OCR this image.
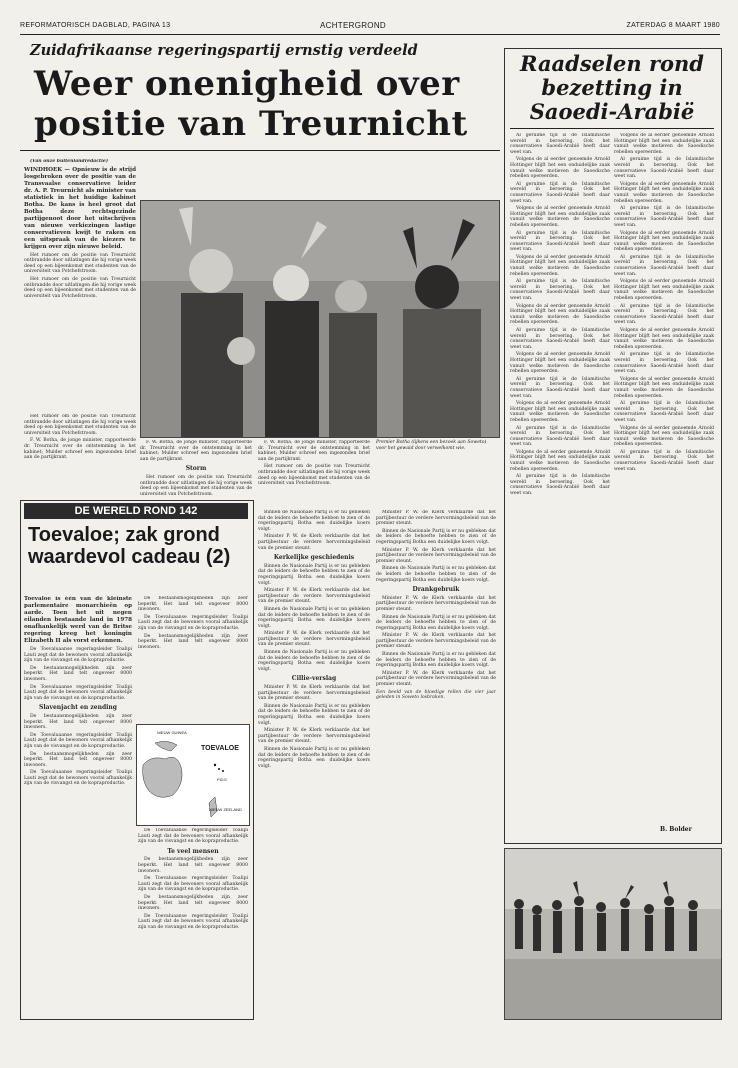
REFORMATORISCH DAGBLAD, PAGINA 13	ACHTERGROND	ZATERDAG 8 MAART 1980
Zuidafrikaanse regeringspartij ernstig verdeeld
Weer onenigheid over positie van Treurnicht

(Van onze buitenlandredactie)

WINDHOEK — Opnieuw is de strijd losgebroken over de positie van de Transvaalse conservatieve leider dr. A. P. Treurnicht als minister van statistiek in het huidige kabinet Botha. De kans is heel groot dat Botha deze rechtsgezinde partijgenoot door het uitschrijven van nieuwe verkiezingen lastige conservatieven kwijt te raken en een uitspraak van de kiezers te krijgen over zijn nieuwe beleid.

Het rumoer om de positie van Treurnicht ontbrandde door uitlatingen die hij vorige week deed op een bijeenkomst met studenten van de universiteit van Potchefstroom.

Het rumoer om de positie van Treurnicht ontbrandde door uitlatingen die hij vorige week deed op een bijeenkomst met studenten van de universiteit van Potchefstroom.

Het rumoer om de positie van Treurnicht ontbrandde door uitlatingen die hij vorige week deed op een bijeenkomst met studenten van de universiteit van Potchefstroom.

F. W. Botha, de jonge minister, rapporteerde dr. Treurnicht over de ontstemming in het kabinet; Mulder schreef een ingezonden brief aan de partijkrant.

F. W. Botha, de jonge minister, rapporteerde dr. Treurnicht over de ontstemming in het kabinet; Mulder schreef een ingezonden brief aan de partijkrant.

Storm

Het rumoer om de positie van Treurnicht ontbrandde door uitlatingen die hij vorige week deed op een bijeenkomst met studenten van de universiteit van Potchefstroom.

F. W. Botha, de jonge minister, rapporteerde dr. Treurnicht over de ontstemming in het kabinet; Mulder schreef een ingezonden brief aan de partijkrant.

Het rumoer om de positie van Treurnicht ontbrandde door uitlatingen die hij vorige week deed op een bijeenkomst met studenten van de universiteit van Potchefstroom.

Premier Botha (lijkens een bezoek aan Soweto) voor het gewaid door verwelkomt wie.
DE WERELD ROND 142
Toevaloe; zak grond waardevol cadeau (2)

Toevaloe is één van de kleinste parlementaire monarchieën op aarde. Toen het uit negen eilanden bestaande land in 1978 onafhankelijk werd van de Britse regering kreeg het koningin Elizabeth II als vorst erkennen.

De Toevaluaanse regeringsleider Toalipi Lauti zegt dat de bewoners vooral afhankelijk zijn van de visvangst en de kopraproductie.

De bestaansmogelijkheden zijn zeer beperkt. Het land telt ongeveer 8000 inwoners.

De Toevaluaanse regeringsleider Toalipi Lauti zegt dat de bewoners vooral afhankelijk zijn van de visvangst en de kopraproductie.

Slavenjacht en zending

De bestaansmogelijkheden zijn zeer beperkt. Het land telt ongeveer 8000 inwoners.

De Toevaluaanse regeringsleider Toalipi Lauti zegt dat de bewoners vooral afhankelijk zijn van de visvangst en de kopraproductie.

De bestaansmogelijkheden zijn zeer beperkt. Het land telt ongeveer 8000 inwoners.

De Toevaluaanse regeringsleider Toalipi Lauti zegt dat de bewoners vooral afhankelijk zijn van de visvangst en de kopraproductie.

De bestaansmogelijkheden zijn zeer beperkt. Het land telt ongeveer 8000 inwoners.

De Toevaluaanse regeringsleider Toalipi Lauti zegt dat de bewoners vooral afhankelijk zijn van de visvangst en de kopraproductie.

De bestaansmogelijkheden zijn zeer beperkt. Het land telt ongeveer 8000 inwoners.

TOEVALOE
NIEUW GUINEA
FIDJI
NIEUW ZEELAND

De Toevaluaanse regeringsleider Toalipi Lauti zegt dat de bewoners vooral afhankelijk zijn van de visvangst en de kopraproductie.

Te veel mensen

De bestaansmogelijkheden zijn zeer beperkt. Het land telt ongeveer 8000 inwoners.

De Toevaluaanse regeringsleider Toalipi Lauti zegt dat de bewoners vooral afhankelijk zijn van de visvangst en de kopraproductie.

De bestaansmogelijkheden zijn zeer beperkt. Het land telt ongeveer 8000 inwoners.

De Toevaluaanse regeringsleider Toalipi Lauti zegt dat de bewoners vooral afhankelijk zijn van de visvangst en de kopraproductie.

Binnen de Nasionale Partij is er nu gebleken dat de leiders de behoefte hebben te zien of de regeringspartij Botha een duidelijke koers volgt.

Minister P. W. de Klerk verklaarde dat het partijbestuur de verdere hervormingsbeleid van de premier steunt.

Kerkelijke geschiedenis

Binnen de Nasionale Partij is er nu gebleken dat de leiders de behoefte hebben te zien of de regeringspartij Botha een duidelijke koers volgt.

Minister P. W. de Klerk verklaarde dat het partijbestuur de verdere hervormingsbeleid van de premier steunt.

Binnen de Nasionale Partij is er nu gebleken dat de leiders de behoefte hebben te zien of de regeringspartij Botha een duidelijke koers volgt.

Minister P. W. de Klerk verklaarde dat het partijbestuur de verdere hervormingsbeleid van de premier steunt.

Binnen de Nasionale Partij is er nu gebleken dat de leiders de behoefte hebben te zien of de regeringspartij Botha een duidelijke koers volgt.

Cillie-verslag

Minister P. W. de Klerk verklaarde dat het partijbestuur de verdere hervormingsbeleid van de premier steunt.

Binnen de Nasionale Partij is er nu gebleken dat de leiders de behoefte hebben te zien of de regeringspartij Botha een duidelijke koers volgt.

Minister P. W. de Klerk verklaarde dat het partijbestuur de verdere hervormingsbeleid van de premier steunt.

Binnen de Nasionale Partij is er nu gebleken dat de leiders de behoefte hebben te zien of de regeringspartij Botha een duidelijke koers volgt.

Minister P. W. de Klerk verklaarde dat het partijbestuur de verdere hervormingsbeleid van de premier steunt.

Binnen de Nasionale Partij is er nu gebleken dat de leiders de behoefte hebben te zien of de regeringspartij Botha een duidelijke koers volgt.

Minister P. W. de Klerk verklaarde dat het partijbestuur de verdere hervormingsbeleid van de premier steunt.

Binnen de Nasionale Partij is er nu gebleken dat de leiders de behoefte hebben te zien of de regeringspartij Botha een duidelijke koers volgt.

Drankgebruik

Minister P. W. de Klerk verklaarde dat het partijbestuur de verdere hervormingsbeleid van de premier steunt.

Binnen de Nasionale Partij is er nu gebleken dat de leiders de behoefte hebben te zien of de regeringspartij Botha een duidelijke koers volgt.

Minister P. W. de Klerk verklaarde dat het partijbestuur de verdere hervormingsbeleid van de premier steunt.

Binnen de Nasionale Partij is er nu gebleken dat de leiders de behoefte hebben te zien of de regeringspartij Botha een duidelijke koers volgt.

Minister P. W. de Klerk verklaarde dat het partijbestuur de verdere hervormingsbeleid van de premier steunt.

Een beeld van de bloedige rellen die vier jaar geleden in Soweto losbraken.

Raadselen rond bezetting in Saoedi-Arabië

Al geruime tijd is de Islamitische wereld in beroering. Ook het conservatieve Saoedi-Arabië heeft daar weet van.

Volgens de al eerder genoemde Arnold Hottinger blijft het een onduidelijke zaak vanuit welke motieven de Saoedische rebellen opereerden.

Al geruime tijd is de Islamitische wereld in beroering. Ook het conservatieve Saoedi-Arabië heeft daar weet van.

Volgens de al eerder genoemde Arnold Hottinger blijft het een onduidelijke zaak vanuit welke motieven de Saoedische rebellen opereerden.

Al geruime tijd is de Islamitische wereld in beroering. Ook het conservatieve Saoedi-Arabië heeft daar weet van.

Volgens de al eerder genoemde Arnold Hottinger blijft het een onduidelijke zaak vanuit welke motieven de Saoedische rebellen opereerden.

Al geruime tijd is de Islamitische wereld in beroering. Ook het conservatieve Saoedi-Arabië heeft daar weet van.

Volgens de al eerder genoemde Arnold Hottinger blijft het een onduidelijke zaak vanuit welke motieven de Saoedische rebellen opereerden.

Al geruime tijd is de Islamitische wereld in beroering. Ook het conservatieve Saoedi-Arabië heeft daar weet van.

Volgens de al eerder genoemde Arnold Hottinger blijft het een onduidelijke zaak vanuit welke motieven de Saoedische rebellen opereerden.

Al geruime tijd is de Islamitische wereld in beroering. Ook het conservatieve Saoedi-Arabië heeft daar weet van.

Volgens de al eerder genoemde Arnold Hottinger blijft het een onduidelijke zaak vanuit welke motieven de Saoedische rebellen opereerden.

Al geruime tijd is de Islamitische wereld in beroering. Ook het conservatieve Saoedi-Arabië heeft daar weet van.

Volgens de al eerder genoemde Arnold Hottinger blijft het een onduidelijke zaak vanuit welke motieven de Saoedische rebellen opereerden.

Al geruime tijd is de Islamitische wereld in beroering. Ook het conservatieve Saoedi-Arabië heeft daar weet van.

Volgens de al eerder genoemde Arnold Hottinger blijft het een onduidelijke zaak vanuit welke motieven de Saoedische rebellen opereerden.

Al geruime tijd is de Islamitische wereld in beroering. Ook het conservatieve Saoedi-Arabië heeft daar weet van.

Volgens de al eerder genoemde Arnold Hottinger blijft het een onduidelijke zaak vanuit welke motieven de Saoedische rebellen opereerden.

Al geruime tijd is de Islamitische wereld in beroering. Ook het conservatieve Saoedi-Arabië heeft daar weet van.

Volgens de al eerder genoemde Arnold Hottinger blijft het een onduidelijke zaak vanuit welke motieven de Saoedische rebellen opereerden.

Al geruime tijd is de Islamitische wereld in beroering. Ook het conservatieve Saoedi-Arabië heeft daar weet van.

Volgens de al eerder genoemde Arnold Hottinger blijft het een onduidelijke zaak vanuit welke motieven de Saoedische rebellen opereerden.

Al geruime tijd is de Islamitische wereld in beroering. Ook het conservatieve Saoedi-Arabië heeft daar weet van.

Volgens de al eerder genoemde Arnold Hottinger blijft het een onduidelijke zaak vanuit welke motieven de Saoedische rebellen opereerden.

Al geruime tijd is de Islamitische wereld in beroering. Ook het conservatieve Saoedi-Arabië heeft daar weet van.

Volgens de al eerder genoemde Arnold Hottinger blijft het een onduidelijke zaak vanuit welke motieven de Saoedische rebellen opereerden.

Al geruime tijd is de Islamitische wereld in beroering. Ook het conservatieve Saoedi-Arabië heeft daar weet van.

Volgens de al eerder genoemde Arnold Hottinger blijft het een onduidelijke zaak vanuit welke motieven de Saoedische rebellen opereerden.

Al geruime tijd is de Islamitische wereld in beroering. Ook het conservatieve Saoedi-Arabië heeft daar weet van.

B. Bolder
